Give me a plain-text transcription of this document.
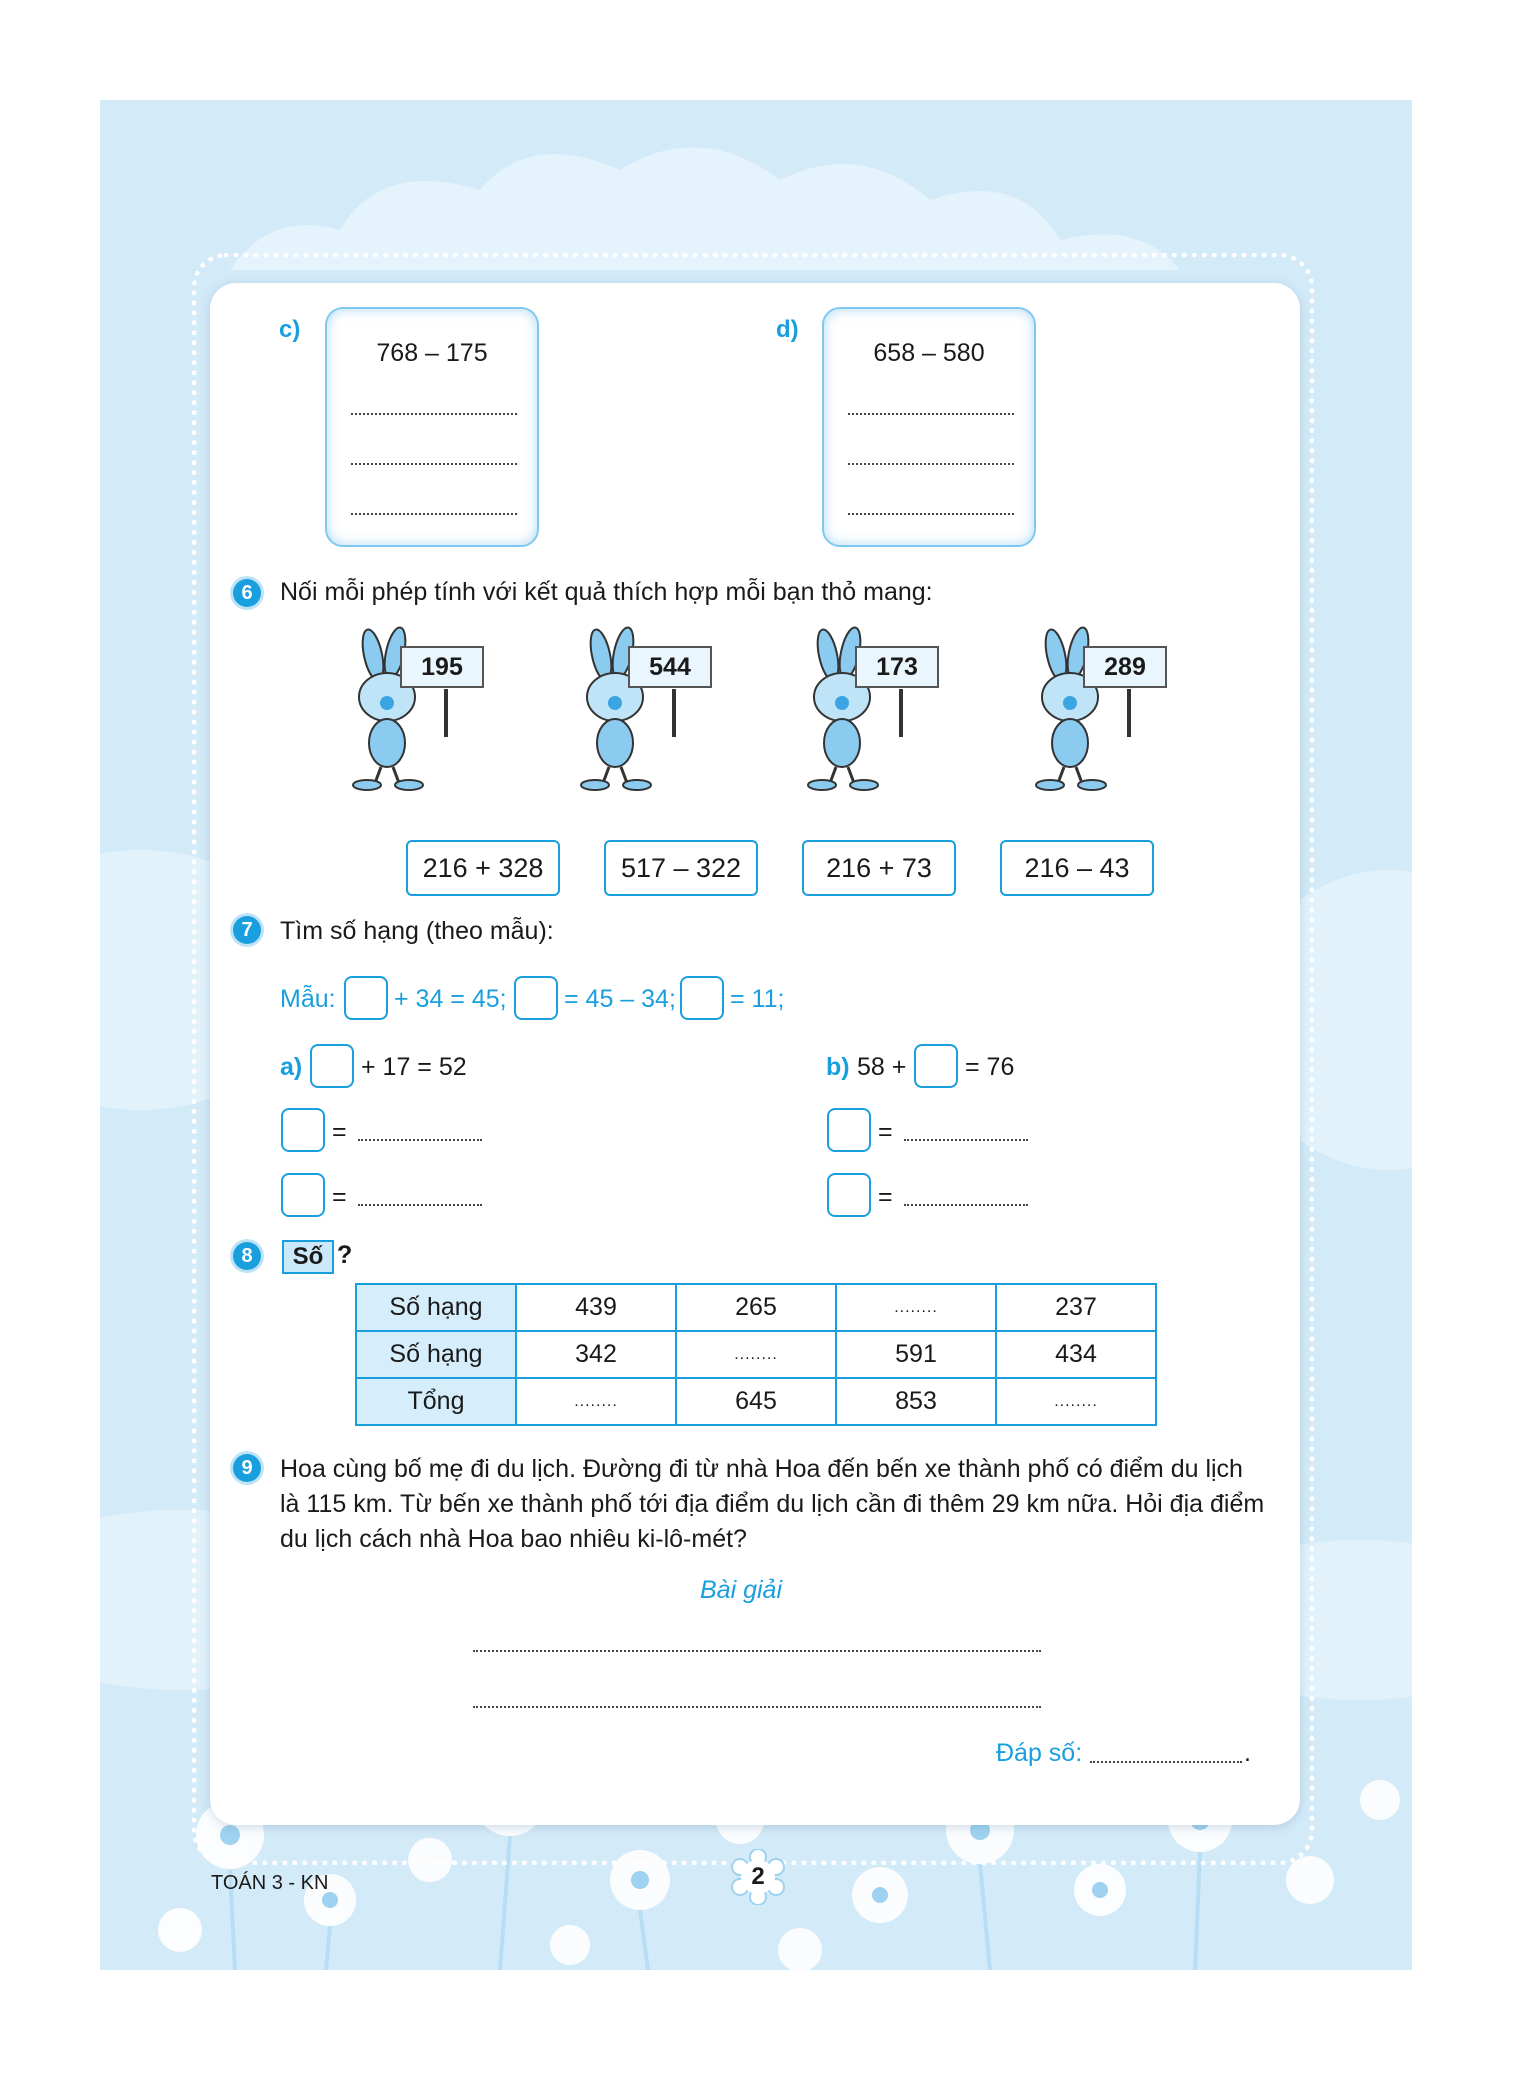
c)
768 – 175
d)
658 – 580
6	Nối mỗi phép tính với kết quả thích hợp mỗi bạn thỏ mang:
195	544	173	289
216 + 328	517 – 322	216 + 73	216 – 43
7	Tìm số hạng (theo mẫu):
Mẫu: + 34 = 45; = 45 – 34; = 11;
a) + 17 = 52
=
=
b) 58 + = 76
=
=
8	Số ?
Số hạng	439	265	........	237
Số hạng	342	........	591	434
Tổng	........	645	853	........
9	Hoa cùng bố mẹ đi du lịch. Đường đi từ nhà Hoa đến bến xe thành phố có điểm du lịch
là 115 km. Từ bến xe thành phố tới địa điểm du lịch cần đi thêm 29 km nữa. Hỏi địa điểm
du lịch cách nhà Hoa bao nhiêu ki-lô-mét?
Bài giải
Đáp số:	.
TOÁN 3 - KN	2
